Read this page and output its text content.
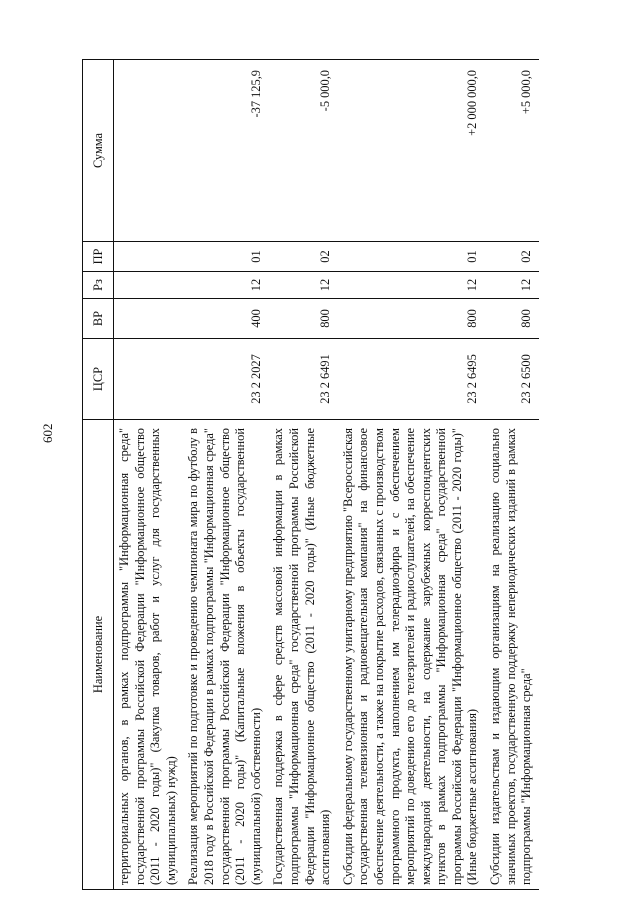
602
Наименование	ЦСР	ВР	Рз	ПР	Сумма
территориальных органов, в рамках подпрограммы "Информационная среда" государственной программы Российской Федерации "Информационное общество (2011 - 2020 годы)" (Закупка товаров, работ и услуг для государственных (муниципальных) нужд)					
Реализация мероприятий по подготовке и проведению чемпионата мира по футболу в 2018 году в Российской Федерации в рамках подпрограммы "Информационная среда" государственной программы Российской Федерации "Информационное общество (2011 - 2020 годы)" (Капитальные вложения в объекты государственной (муниципальной) собственности)	23 2 2027	400	12	01	-37 125,9
Государственная поддержка в сфере средств массовой информации в рамках подпрограммы "Информационная среда" государственной программы Российской Федерации "Информационное общество (2011 - 2020 годы)" (Иные бюджетные ассигнования)	23 2 6491	800	12	02	-5 000,0
Субсидии федеральному государственному унитарному предприятию "Всероссийская государственная телевизионная и радиовещательная компания" на финансовое обеспечение деятельности, а также на покрытие расходов, связанных с производством программного продукта, наполнением им телерадиоэфира и с обеспечением мероприятий по доведению его до телезрителей и радиослушателей, на обеспечение международной деятельности, на содержание зарубежных корреспондентских пунктов в рамках подпрограммы "Информационная среда" государственной программы Российской Федерации "Информационное общество (2011 - 2020 годы)" (Иные бюджетные ассигнования)	23 2 6495	800	12	01	+2 000 000,0
Субсидии издательствам и издающим организациям на реализацию социально значимых проектов, государственную поддержку непериодических изданий в рамках подпрограммы "Информационная среда"	23 2 6500	800	12	02	+5 000,0
